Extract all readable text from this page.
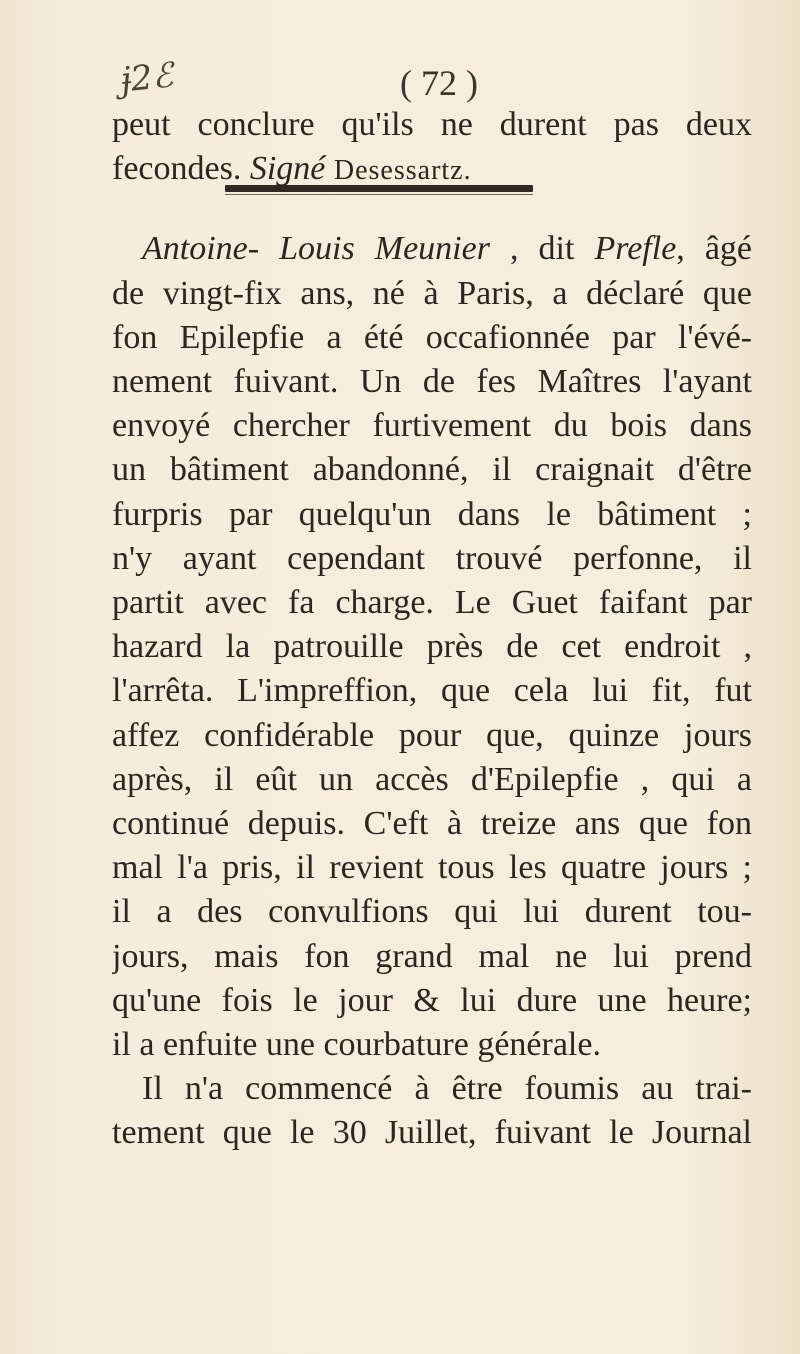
ɉ2ℰ	( 72 )
peut conclure qu'ils ne durent pas deux
fecondes. Signé Desessartz.
Antoine- Louis Meunier , dit Prefle, âgé
de vingt-fix ans, né à Paris, a déclaré que
fon Epilepfie a été occafionnée par l'évé-
nement fuivant. Un de fes Maîtres l'ayant
envoyé chercher furtivement du bois dans
un bâtiment abandonné, il craignait d'être
furpris par quelqu'un dans le bâtiment ;
n'y ayant cependant trouvé perfonne, il
partit avec fa charge. Le Guet faifant par
hazard la patrouille près de cet endroit ,
l'arrêta. L'impreffion, que cela lui fit, fut
affez confidérable pour que, quinze jours
après, il eût un accès d'Epilepfie , qui a
continué depuis. C'eft à treize ans que fon
mal l'a pris, il revient tous les quatre jours ;
il a des convulfions qui lui durent tou-
jours, mais fon grand mal ne lui prend
qu'une fois le jour & lui dure une heure;
il a enfuite une courbature générale.
Il n'a commencé à être foumis au trai-
tement que le 30 Juillet, fuivant le Journal
